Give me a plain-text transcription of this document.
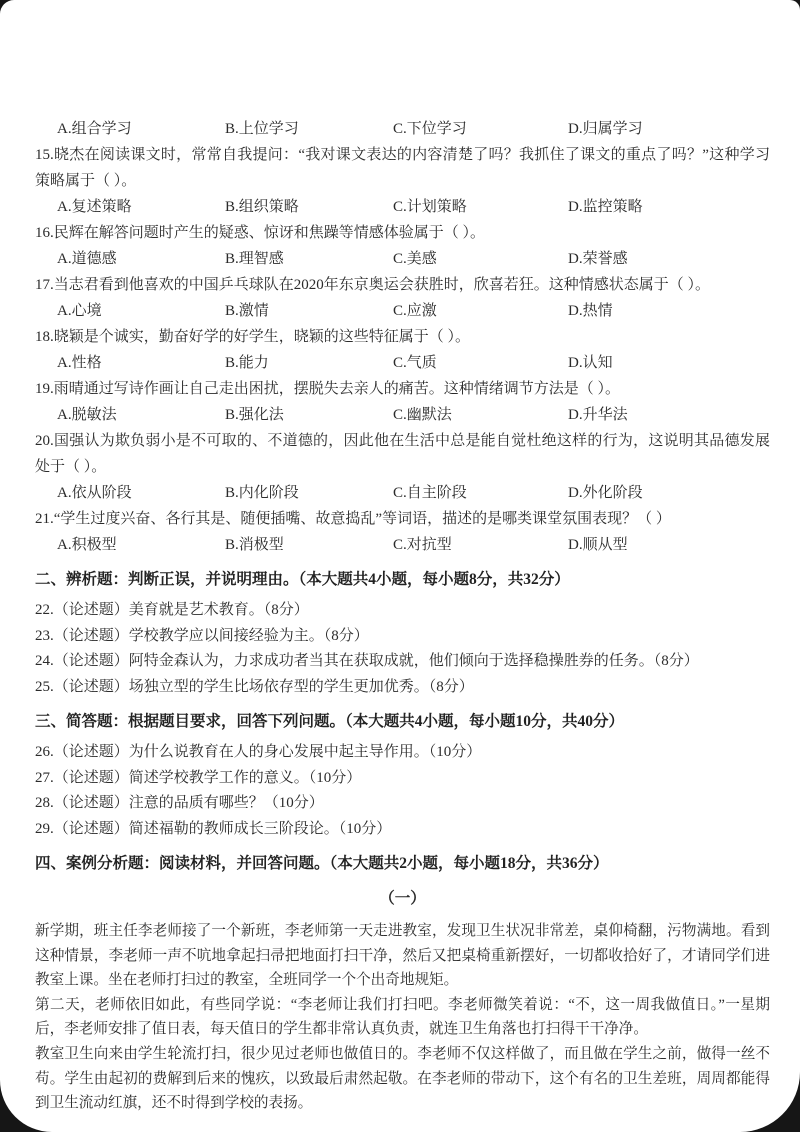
A.组合学习	B.上位学习	C.下位学习	D.归属学习

15.晓杰在阅读课文时，常常自我提问：“我对课文表达的内容清楚了吗？我抓住了课文的重点了吗？”这种学习策略属于（ ）。

A.复述策略	B.组织策略	C.计划策略	D.监控策略

16.民辉在解答问题时产生的疑惑、惊讶和焦躁等情感体验属于（ ）。

A.道德感	B.理智感	C.美感	D.荣誉感

17.当志君看到他喜欢的中国乒乓球队在2020年东京奥运会获胜时，欣喜若狂。这种情感状态属于（ ）。

A.心境	B.激情	C.应激	D.热情

18.晓颖是个诚实，勤奋好学的好学生，晓颖的这些特征属于（ ）。

A.性格	B.能力	C.气质	D.认知

19.雨晴通过写诗作画让自己走出困扰，摆脱失去亲人的痛苦。这种情绪调节方法是（ ）。

A.脱敏法	B.强化法	C.幽默法	D.升华法

20.国强认为欺负弱小是不可取的、不道德的，因此他在生活中总是能自觉杜绝这样的行为，这说明其品德发展处于（ ）。

A.依从阶段	B.内化阶段	C.自主阶段	D.外化阶段

21.“学生过度兴奋、各行其是、随便插嘴、故意捣乱”等词语，描述的是哪类课堂氛围表现？（ ）

A.积极型	B.消极型	C.对抗型	D.顺从型
二、辨析题：判断正误，并说明理由。（本大题共4小题，每小题8分，共32分）

22.（论述题）美育就是艺术教育。（8分）

23.（论述题）学校教学应以间接经验为主。（8分）

24.（论述题）阿特金森认为，力求成功者当其在获取成就，他们倾向于选择稳操胜券的任务。（8分）

25.（论述题）场独立型的学生比场依存型的学生更加优秀。（8分）

三、简答题：根据题目要求，回答下列问题。（本大题共4小题，每小题10分，共40分）

26.（论述题）为什么说教育在人的身心发展中起主导作用。（10分）

27.（论述题）简述学校教学工作的意义。（10分）

28.（论述题）注意的品质有哪些？（10分）

29.（论述题）简述福勒的教师成长三阶段论。（10分）

四、案例分析题：阅读材料，并回答问题。（本大题共2小题，每小题18分，共36分）

（一）

新学期，班主任李老师接了一个新班，李老师第一天走进教室，发现卫生状况非常差，桌仰椅翻，污物满地。看到这种情景，李老师一声不吭地拿起扫帚把地面打扫干净，然后又把桌椅重新摆好，一切都收拾好了，才请同学们进教室上课。坐在老师打扫过的教室，全班同学一个个出奇地规矩。

第二天，老师依旧如此，有些同学说：“李老师让我们打扫吧。李老师微笑着说：“不，这一周我做值日。”一星期后，李老师安排了值日表，每天值日的学生都非常认真负责，就连卫生角落也打扫得干干净净。

教室卫生向来由学生轮流打扫，很少见过老师也做值日的。李老师不仅这样做了，而且做在学生之前，做得一丝不苟。学生由起初的费解到后来的愧疚，以致最后肃然起敬。在李老师的带动下，这个有名的卫生差班，周周都能得到卫生流动红旗，还不时得到学校的表扬。
